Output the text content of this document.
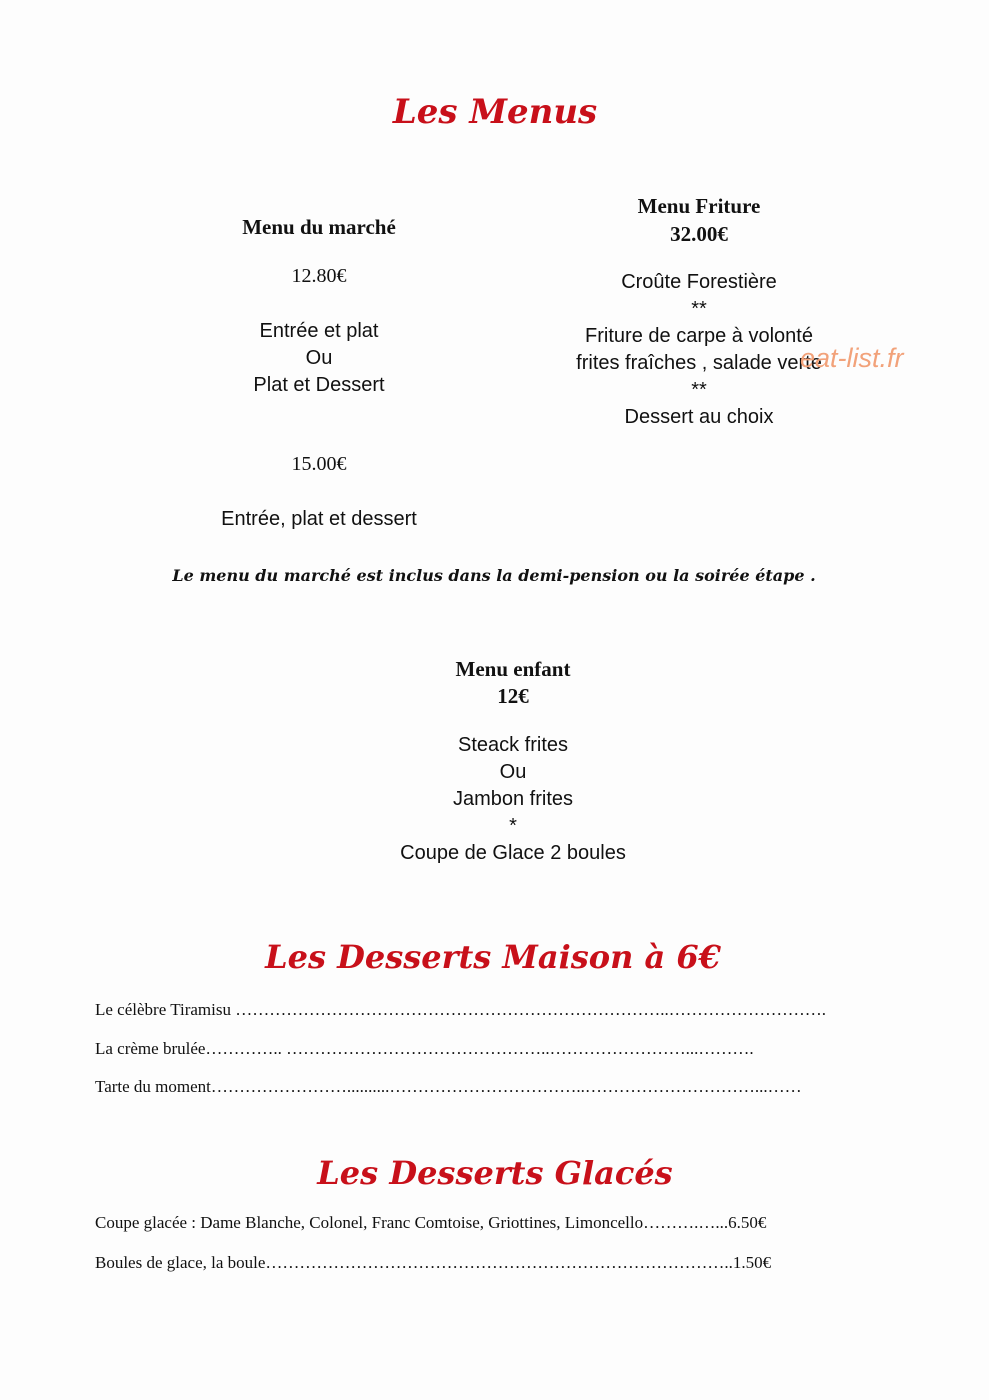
Les Menus
Menu du marché
12.80€
Entrée et plat
Ou
Plat et Dessert
15.00€
Entrée, plat et dessert
Menu Friture
32.00€
Croûte Forestière
**
Friture de carpe à volonté
frites fraîches , salade verte
**
Dessert au choix
eat-list.fr
Le menu du marché est inclus dans la demi-pension ou la soirée étape .
Menu enfant
12€
Steack frites
Ou
Jambon frites
*
Coupe de Glace 2 boules
Les Desserts Maison à 6€
Le célèbre Tiramisu …………………………………………………………………..……………………….
La crème brulée………….. ………………………………………..……………………...……….
Tarte du moment……………………..........……………………………..…………………………...……
Les Desserts Glacés
Coupe glacée : Dame Blanche, Colonel, Franc Comtoise, Griottines, Limoncello……….…...6.50€
Boules de glace, la boule………………………………………………………………………..1.50€
